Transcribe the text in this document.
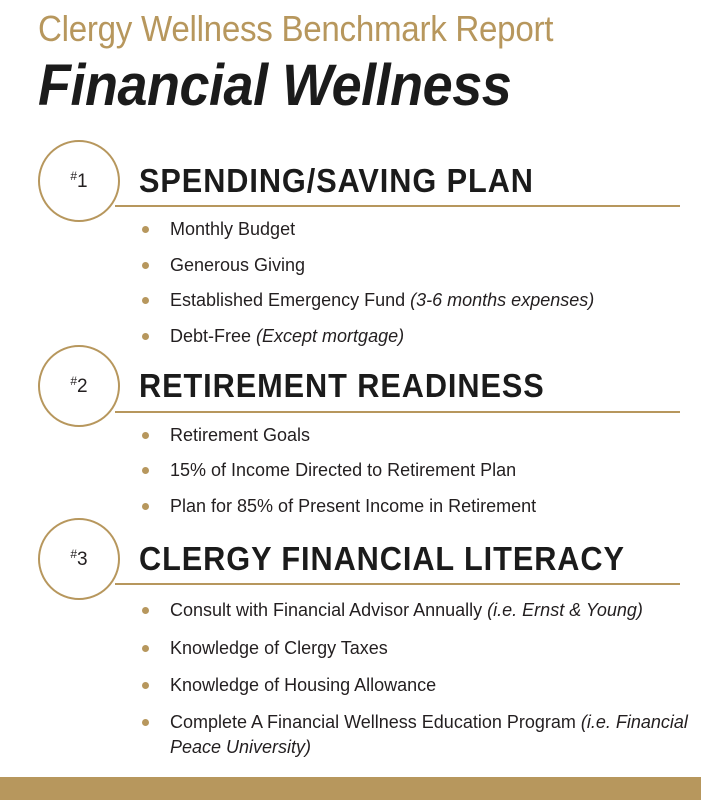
Clergy Wellness Benchmark Report
Financial Wellness
#1	SPENDING/SAVING PLAN
Monthly Budget
Generous Giving
Established Emergency Fund (3-6 months expenses)
Debt-Free (Except mortgage)
#2	RETIREMENT READINESS
Retirement Goals
15% of Income Directed to Retirement Plan
Plan for 85% of Present Income in Retirement
#3	CLERGY FINANCIAL LITERACY
Consult with Financial Advisor Annually (i.e. Ernst & Young)
Knowledge of Clergy Taxes
Knowledge of Housing Allowance
Complete A Financial Wellness Education Program (i.e. Financial Peace University)
